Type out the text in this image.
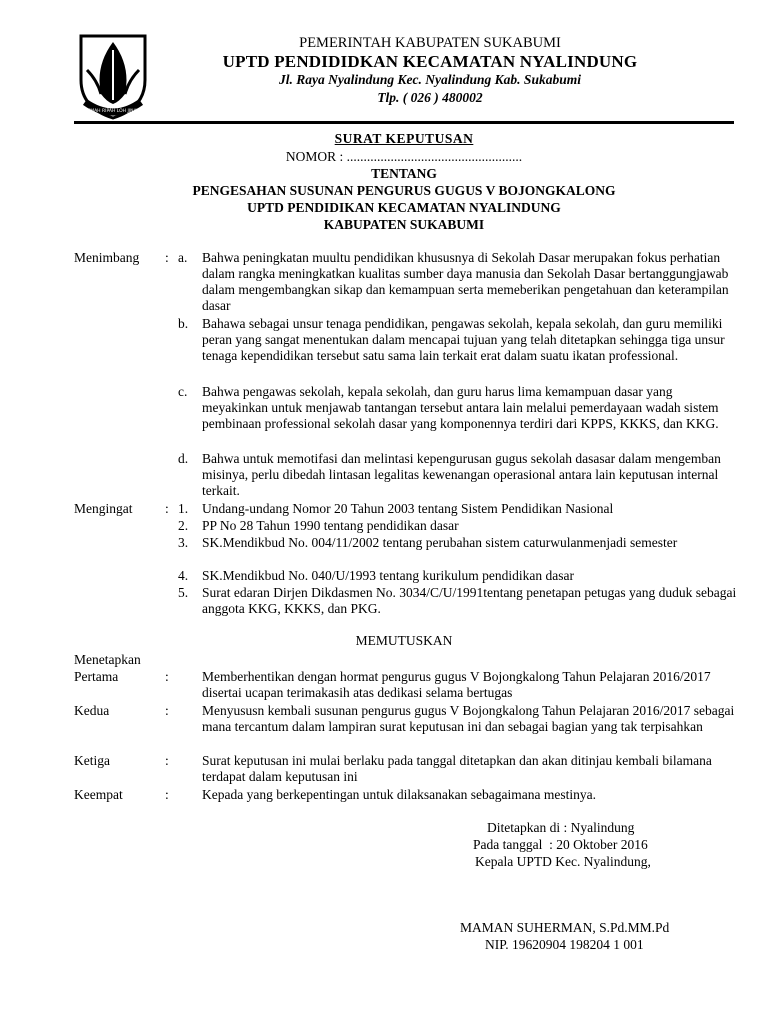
GEMAH RIPAH LOH JINAWI
PEMERINTAH KABUPATEN SUKABUMI
UPTD PENDIDIDKAN KECAMATAN NYALINDUNG
Jl. Raya Nyalindung Kec. Nyalindung Kab. Sukabumi
Tlp. ( 026 ) 480002
SURAT KEPUTUSAN
NOMOR : ....................................................
TENTANG
PENGESAHAN SUSUNAN PENGURUS GUGUS V BOJONGKALONG
UPTD PENDIDIKAN KECAMATAN NYALINDUNG
KABUPATEN SUKABUMI
Menimbang : a. Bahwa peningkatan muultu pendidikan khususnya di Sekolah Dasar merupakan fokus perhatian dalam rangka meningkatkan kualitas sumber daya manusia dan Sekolah Dasar bertanggungjawab dalam mengembangkan sikap dan kemampuan serta memeberikan pengetahuan dan keterampilan dasar
b. Bahawa sebagai unsur tenaga pendidikan, pengawas sekolah, kepala sekolah, dan guru memiliki peran yang sangat menentukan dalam mencapai tujuan yang telah ditetapkan sehingga tiga unsur tenaga kependidikan tersebut satu sama lain terkait erat dalam suatu ikatan professional.
c. Bahwa pengawas sekolah, kepala sekolah, dan guru harus lima kemampuan dasar yang meyakinkan untuk menjawab tantangan tersebut antara lain melalui pemerdayaan wadah sistem pembinaan professional sekolah dasar yang komponennya terdiri dari KPPS, KKKS, dan KKG.
d. Bahwa untuk memotifasi dan melintasi kepengurusan gugus sekolah dasasar dalam mengemban misinya, perlu dibedah lintasan legalitas kewenangan operasional antara lain keputusan internal terkait.
Mengingat : 1. Undang-undang Nomor 20 Tahun 2003 tentang Sistem Pendidikan Nasional
2. PP No 28 Tahun 1990 tentang pendidikan dasar
3. SK.Mendikbud No. 004/11/2002 tentang perubahan sistem caturwulanmenjadi semester
4. SK.Mendikbud No. 040/U/1993 tentang kurikulum pendidikan dasar
5. Surat edaran Dirjen Dikdasmen No. 3034/C/U/1991tentang penetapan petugas yang duduk sebagai anggota KKG, KKKS, dan PKG.
MEMUTUSKAN
Menetapkan
Pertama	: Memberhentikan dengan hormat pengurus gugus V Bojongkalong Tahun Pelajaran 2016/2017 disertai ucapan terimakasih atas dedikasi selama bertugas
Kedua	: Menyususn kembali susunan pengurus gugus V Bojongkalong Tahun Pelajaran 2016/2017 sebagai mana tercantum dalam lampiran surat keputusan ini dan sebagai bagian yang tak terpisahkan
Ketiga	: Surat keputusan ini mulai berlaku pada tanggal ditetapkan dan akan ditinjau kembali bilamana terdapat dalam keputusan ini
Keempat	: Kepada yang berkepentingan untuk dilaksanakan sebagaimana mestinya.
Ditetapkan di : Nyalindung
Pada tanggal  : 20 Oktober 2016
Kepala UPTD Kec. Nyalindung,
MAMAN SUHERMAN, S.Pd.MM.Pd
NIP. 19620904 198204 1 001
